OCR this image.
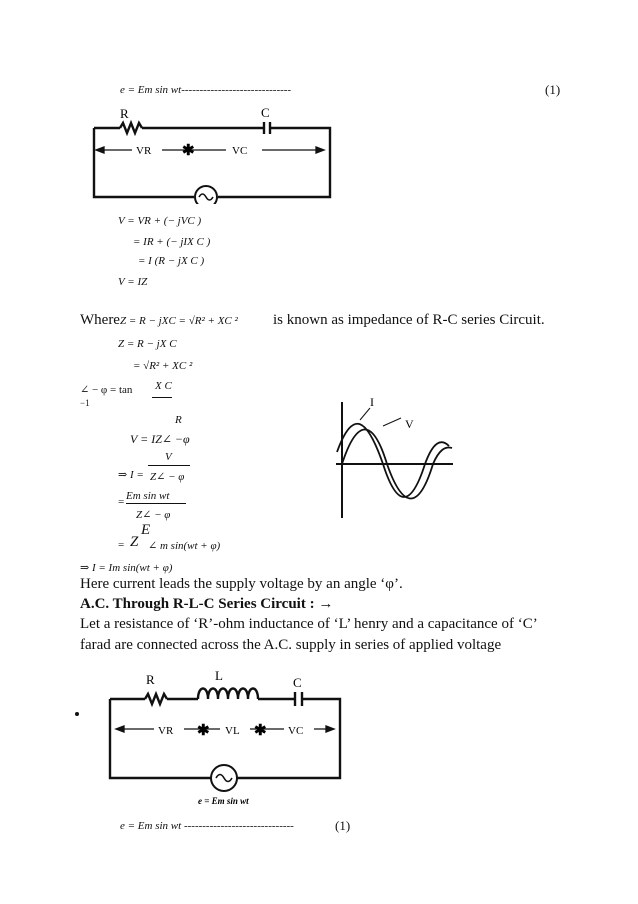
e = Em sin wt------------------------------	(1)
R	C
VR	VC
✱
V = VR + (− jVC )
= IR + (− jIX C )
= I (R − jX C )
V = IZ
Where Z = R − jXC = √R² + XC ² is known as impedance of R-C series Circuit.
Z = R − jX C
= √R² + XC ²
∠ − φ = tan
−1
X C
R
V = IZ∠ −φ
V
⇒ I = Z∠ − φ
Em sin wt
=
Z∠ − φ
E
= Z ∠ m sin(wt + φ)
⇒ I = Im sin(wt + φ)
I
V
Here current leads the supply voltage by an angle ‘φ’.
A.C. Through R-L-C Series Circuit : →
Let a resistance of ‘R’-ohm inductance of ‘L’ henry and a capacitance of ‘C’
farad are connected across the A.C. supply in series of applied voltage
R	L	C
VR	VL	VC
✱	✱
e = Em sin wt
e = Em sin wt ------------------------------	(1)
